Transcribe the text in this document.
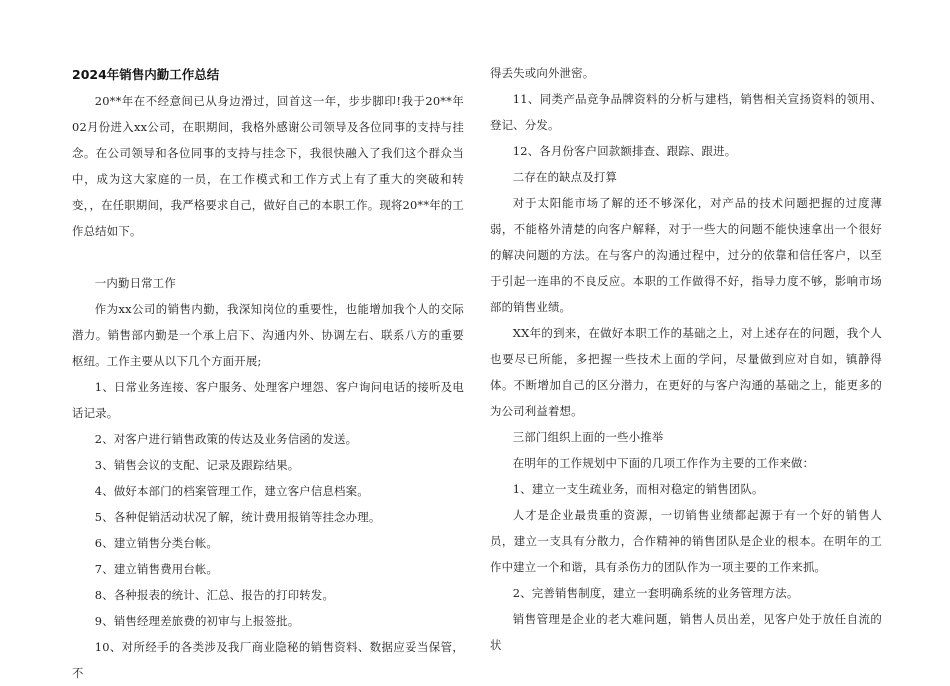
2024年销售内勤工作总结

20**年在不经意间已从身边滑过，回首这一年，步步脚印!我于20**年02月份进入xx公司，在职期间，我格外感谢公司领导及各位同事的支持与挂念。在公司领导和各位同事的支持与挂念下，我很快融入了我们这个群众当中，成为这大家庭的一员，在工作模式和工作方式上有了重大的突破和转变，，在任职期间，我严格要求自己，做好自己的本职工作。现将20**年的工作总结如下。

一内勤日常工作

作为xx公司的销售内勤，我深知岗位的重要性，也能增加我个人的交际潜力。销售部内勤是一个承上启下、沟通内外、协调左右、联系八方的重要枢纽。工作主要从以下几个方面开展;

1、日常业务连接、客户服务、处理客户埋怨、客户询问电话的接听及电话记录。

2、对客户进行销售政策的传达及业务信函的发送。

3、销售会议的支配、记录及跟踪结果。

4、做好本部门的档案管理工作，建立客户信息档案。

5、各种促销活动状况了解，统计费用报销等挂念办理。

6、建立销售分类台帐。

7、建立销售费用台帐。

8、各种报表的统计、汇总、报告的打印转发。

9、销售经理差旅费的初审与上报签批。

10、对所经手的各类涉及我厂商业隐秘的销售资料、数据应妥当保管，不

得丢失或向外泄密。

11、同类产品竞争品牌资料的分析与建档，销售相关宣扬资料的领用、登记、分发。

12、各月份客户回款额排查、跟踪、跟进。

二存在的缺点及打算

对于太阳能市场了解的还不够深化，对产品的技术问题把握的过度薄弱，不能格外清楚的向客户解释，对于一些大的问题不能快速拿出一个很好的解决问题的方法。在与客户的沟通过程中，过分的依靠和信任客户，以至于引起一连串的不良反应。本职的工作做得不好，指导力度不够，影响市场部的销售业绩。

XX年的到来，在做好本职工作的基础之上，对上述存在的问题，我个人也要尽已所能，多把握一些技术上面的学问，尽量做到应对自如，镇静得体。不断增加自己的区分潜力，在更好的与客户沟通的基础之上，能更多的为公司利益着想。

三部门组织上面的一些小推举

在明年的工作规划中下面的几项工作作为主要的工作来做：

1、建立一支生疏业务，而相对稳定的销售团队。

人才是企业最贵重的资源，一切销售业绩都起源于有一个好的销售人员，建立一支具有分散力，合作精神的销售团队是企业的根本。在明年的工作中建立一个和谐，具有杀伤力的团队作为一项主要的工作来抓。

2、完善销售制度，建立一套明确系统的业务管理方法。

销售管理是企业的老大难问题，销售人员出差，见客户处于放任自流的状
